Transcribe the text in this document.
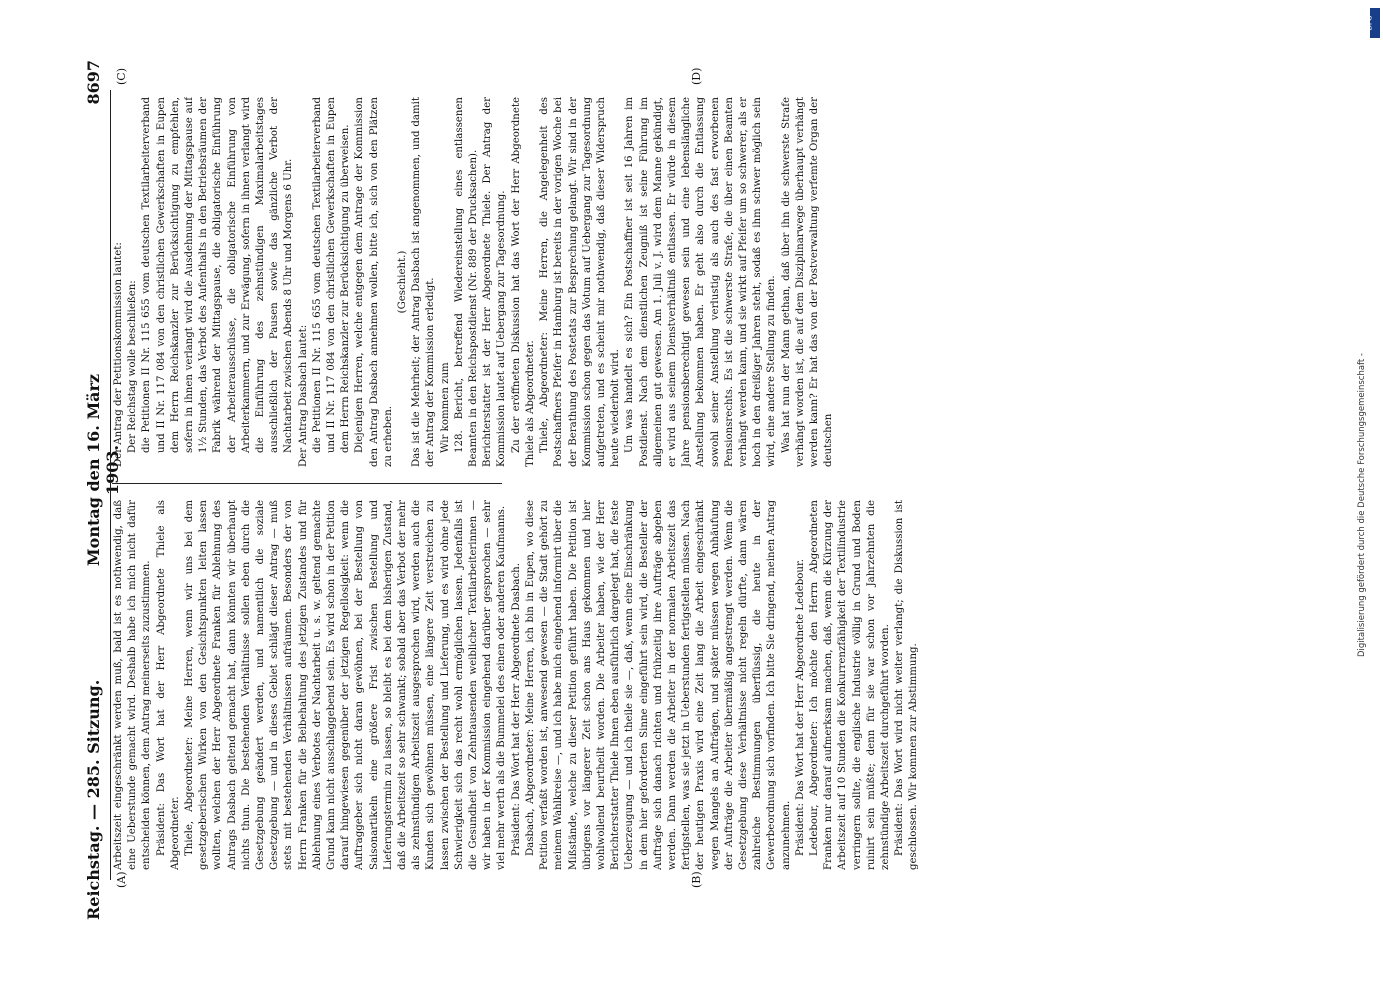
Reichstag. — 285. Sitzung.
Montag den 16. März 1903.
8697
(A)	(B)
(C)	(D)

Arbeitszeit eingeschränkt werden muß, bald ist es nothwendig, daß eine Ueberstunde gemacht wird. Deshalb habe ich mich nicht dafür entscheiden können, dem Antrag meinerseits zuzustimmen. Präsident: Das Wort hat der Herr Abgeordnete Thiele als Abgeordneter. Thiele, Abgeordneter: Meine Herren, wenn wir uns bei dem gesetzgeberischen Wirken von den Gesichtspunkten leiten lassen wollten, welchen der Herr Abgeordnete Franken für Ablehnung des Antrags Dasbach geltend gemacht hat, dann könnten wir überhaupt nichts thun. Die bestehenden Verhältnisse sollen eben durch die Gesetzgebung geändert werden, und namentlich die soziale Gesetzgebung — und in dieses Gebiet schlägt dieser Antrag — muß stets mit bestehenden Verhältnissen aufräumen. Besonders der von Herrn Franken für die Beibehaltung des jetzigen Zustandes und für Ablehnung eines Verbotes der Nachtarbeit u. s. w. geltend gemachte Grund kann nicht ausschlaggebend sein. Es wird schon in der Petition darauf hingewiesen gegenüber der jetzigen Regellosigkeit: wenn die Auftraggeber sich nicht daran gewöhnen, bei der Bestellung von Saisonartikeln eine größere Frist zwischen Bestellung und Lieferungstermin zu lassen, so bleibt es bei dem bisherigen Zustand, daß die Arbeitszeit so sehr schwankt; sobald aber das Verbot der mehr als zehnstündigen Arbeitszeit ausgesprochen wird, werden auch die Kunden sich gewöhnen müssen, eine längere Zeit verstreichen zu lassen zwischen der Bestellung und Lieferung, und es wird ohne jede Schwierigkeit sich das recht wohl ermöglichen lassen. Jedenfalls ist die Gesundheit von Zehntausenden weiblicher Textilarbeiterinnen — wir haben in der Kommission eingehend darüber gesprochen — sehr viel mehr werth als die Bummelei des einen oder anderen Kaufmanns. Präsident: Das Wort hat der Herr Abgeordnete Dasbach. Dasbach, Abgeordneter: Meine Herren, ich bin in Eupen, wo diese Petition verfaßt worden ist, anwesend gewesen — die Stadt gehört zu meinem Wahlkreise —, und ich habe mich eingehend informirt über die Mißstände, welche zu dieser Petition geführt haben. Die Petition ist übrigens vor längerer Zeit schon ans Haus gekommen und hier wohlwollend beurtheilt worden. Die Arbeiter haben, wie der Herr Berichterstatter Thiele Ihnen eben ausführlich dargelegt hat, die feste Ueberzeugung — und ich theile sie —, daß, wenn eine Einschränkung in dem hier geforderten Sinne eingeführt sein wird, die Besteller der Aufträge sich danach richten und frühzeitig ihre Aufträge abgeben werden. Dann werden die Arbeiter in der normalen Arbeitszeit das fertigstellen, was sie jetzt in Ueberstunden fertigstellen müssen. Nach der heutigen Praxis wird eine Zeit lang die Arbeit eingeschränkt wegen Mangels an Aufträgen, und später müssen wegen Anhäufung der Aufträge die Arbeiter übermäßig angestrengt werden. Wenn die Gesetzgebung diese Verhältnisse nicht regeln dürfte, dann wären zahlreiche Bestimmungen überflüssig, die heute in der Gewerbeordnung sich vorfinden. Ich bitte Sie dringend, meinen Antrag anzunehmen. Präsident: Das Wort hat der Herr Abgeordnete Ledebour. Ledebour, Abgeordneter: Ich möchte den Herrn Abgeordneten Franken nur darauf aufmerksam machen, daß, wenn die Kürzung der Arbeitszeit auf 10 Stunden die Konkurrenzfähigkeit der Textilindustrie verringern sollte, die englische Industrie völlig in Grund und Boden ruinirt sein müßte; denn für sie war schon vor Jahrzehnten die zehnstündige Arbeitszeit durchgeführt worden. Präsident: Das Wort wird nicht weiter verlangt; die Diskussion ist geschlossen. Wir kommen zur Abstimmung.

Der Antrag der Petitionskommission lautet: Der Reichstag wolle beschließen: die Petitionen II Nr. 115 655 vom deutschen Textilarbeiterverband und II Nr. 117 084 von den christlichen Gewerkschaften in Eupen dem Herrn Reichskanzler zur Berücksichtigung zu empfehlen, sofern in ihnen verlangt wird die Ausdehnung der Mittagspause auf 1½ Stunden, das Verbot des Aufenthalts in den Betriebsräumen der Fabrik während der Mittagspause, die obligatorische Einführung der Arbeiterausschüsse, die obligatorische Einführung von Arbeiterkammern, und zur Erwägung, sofern in ihnen verlangt wird die Einführung des zehnstündigen Maximalarbeitstages ausschließlich der Pausen sowie das gänzliche Verbot der Nachtarbeit zwischen Abends 8 Uhr und Morgens 6 Uhr. Der Antrag Dasbach lautet: die Petitionen II Nr. 115 655 vom deutschen Textilarbeiterverband und II Nr. 117 084 von den christlichen Gewerkschaften in Eupen dem Herrn Reichskanzler zur Berücksichtigung zu überweisen. Diejenigen Herren, welche entgegen dem Antrage der Kommission den Antrag Dasbach annehmen wollen, bitte ich, sich von den Plätzen zu erheben.

(Geschieht.) Das ist die Mehrheit; der Antrag Dasbach ist angenommen, und damit der Antrag der Kommission erledigt. Wir kommen zum 128. Bericht, betreffend Wiedereinstellung eines entlassenen Beamten in den Reichspostdienst (Nr. 889 der Drucksachen). Berichterstatter ist der Herr Abgeordnete Thiele. Der Antrag der Kommission lautet auf Uebergang zur Tagesordnung. Zu der eröffneten Diskussion hat das Wort der Herr Abgeordnete Thiele als Abgeordneter. Thiele, Abgeordneter: Meine Herren, die Angelegenheit des Postschaffners Pfeifer in Hamburg ist bereits in der vorigen Woche bei der Berathung des Postetats zur Besprechung gelangt. Wir sind in der Kommission schon gegen das Votum auf Uebergang zur Tagesordnung aufgetreten, und es scheint mir nothwendig, daß dieser Widerspruch heute wiederholt wird. Um was handelt es sich? Ein Postschaffner ist seit 16 Jahren im Postdienst. Nach dem dienstlichen Zeugniß ist seine Führung im allgemeinen gut gewesen. Am 1. Juli v. J. wird dem Manne gekündigt, er wird aus seinem Dienstverhältniß entlassen. Er würde in diesem Jahre pensionsberechtigt gewesen sein und eine lebenslängliche Anstellung bekommen haben. Er geht also durch die Entlassung sowohl seiner Anstellung verlustig als auch des fast erworbenen Pensionsrechts. Es ist die schwerste Strafe, die über einen Beamten verhängt werden kann, und sie wirkt auf Pfeifer um so schwerer, als er hoch in den dreißiger Jahren steht, sodaß es ihm schwer möglich sein wird, eine andere Stellung zu finden. Was hat nun der Mann gethan, daß über ihn die schwerste Strafe verhängt worden ist, die auf dem Disziplinarwege überhaupt verhängt werden kann? Er hat das von der Postverwaltung verfemte Organ der deutschen	Digitalisierung gefördert durch die Deutsche Forschungsgemeinschaft -
DFG
